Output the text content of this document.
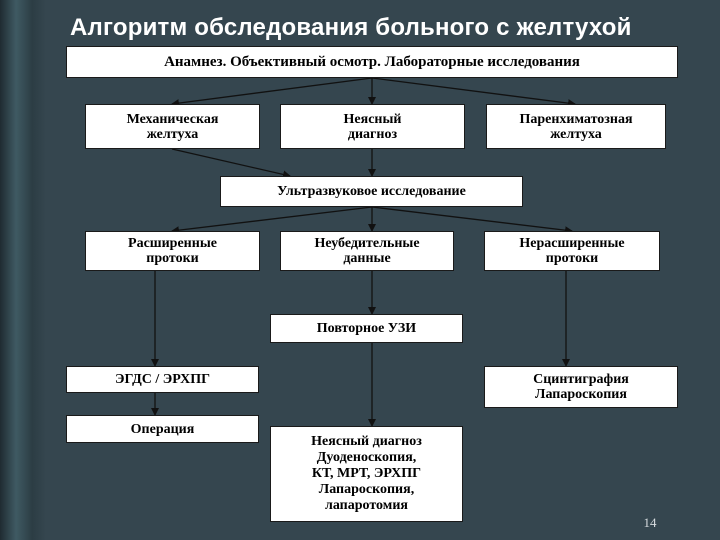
Алгоритм обследования больного с желтухой
Анамнез. Объективный осмотр. Лабораторные исследования
Механическая
желтуха
Неясный
диагноз
Паренхиматозная
желтуха
Ультразвуковое исследование
Расширенные
протоки
Неубедительные
данные
Нерасширенные
протоки
Повторное УЗИ
ЭГДС / ЭРХПГ	Сцинтиграфия
Лапароскопия
Операция
Неясный диагноз
Дуоденоскопия,
КТ, МРТ, ЭРХПГ
Лапароскопия,
лапаротомия
14
